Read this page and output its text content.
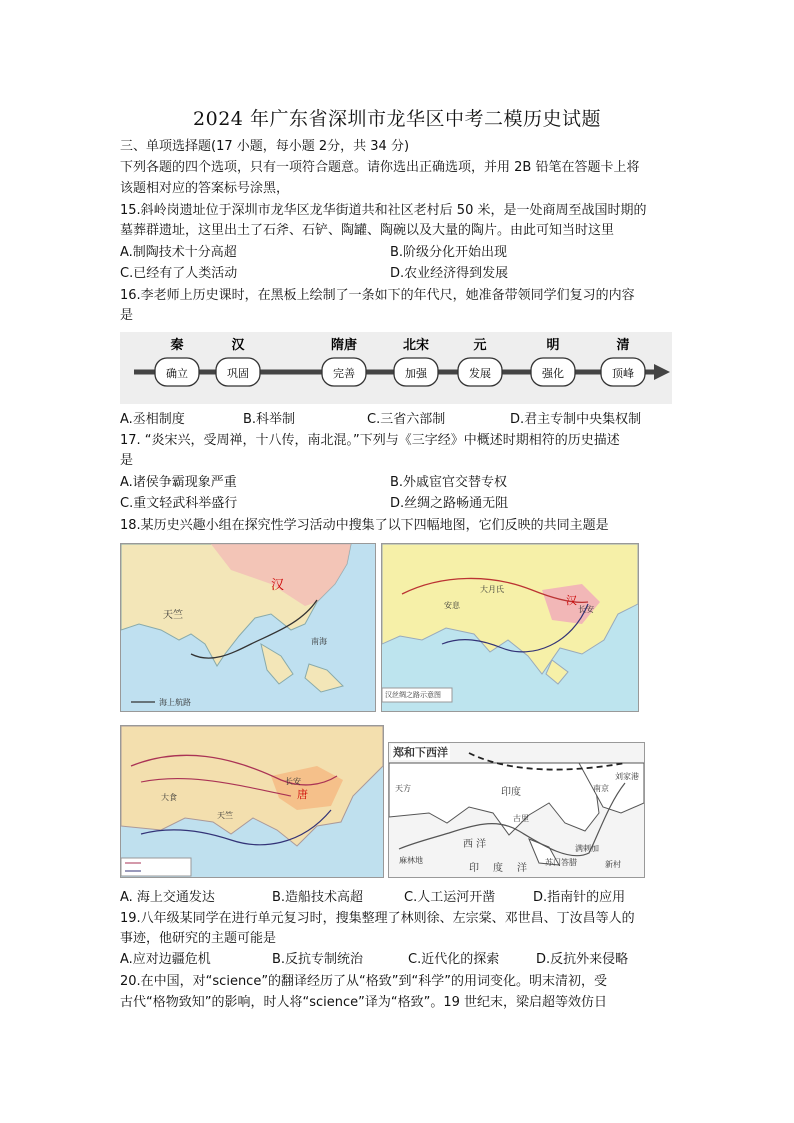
2024 年广东省深圳市龙华区中考二模历史试题
三、单项选择题(17 小题，每小题 2分，共 34 分)
下列各题的四个选项，只有一项符合题意。请你选出正确选项，并用 2B 铅笔在答题卡上将
该题相对应的答案标号涂黑，
15.斜岭岗遗址位于深圳市龙华区龙华街道共和社区老村后 50 米，是一处商周至战国时期的
墓葬群遗址，这里出土了石斧、石铲、陶罐、陶碗以及大量的陶片。由此可知当时这里
A.制陶技术十分高超	B.阶级分化开始出现
C.已经有了人类活动	D.农业经济得到发展
16.李老师上历史课时，在黑板上绘制了一条如下的年代尺，她准备带领同学们复习的内容
是
秦	汉	隋唐	北宋	元	明	清
确立	巩固	完善	加强	发展	强化	顶峰
A.丞相制度	B.科举制	C.三省六部制	D.君主专制中央集权制
17. “炎宋兴，受周禅，十八传，南北混。”下列与《三字经》中概述时期相符的历史描述
是
A.诸侯争霸现象严重	B.外戚宦官交替专权
C.重文轻武科举盛行	D.丝绸之路畅通无阻
18.某历史兴趣小组在探究性学习活动中搜集了以下四幅地图，它们反映的共同主题是
汉
天竺
南海
海上航路
汉
长安
安息
大月氏
汉丝绸之路示意图
唐
长安
大食
天竺
郑和下西洋
南京
刘家港
印度
西 洋
天方
麻林地
古里
苏门答腊
满剌加
新村
印 度 洋
A. 海上交通发达	B.造船技术高超	C.人工运河开凿	D.指南针的应用
19.八年级某同学在进行单元复习时，搜集整理了林则徐、左宗棠、邓世昌、丁汝昌等人的
事迹，他研究的主题可能是
A.应对边疆危机	B.反抗专制统治	C.近代化的探索	D.反抗外来侵略
20.在中国，对“science”的翻译经历了从“格致”到“科学”的用词变化。明末清初，受
古代“格物致知”的影响，时人将“science”译为“格致”。19 世纪末，梁启超等效仿日
